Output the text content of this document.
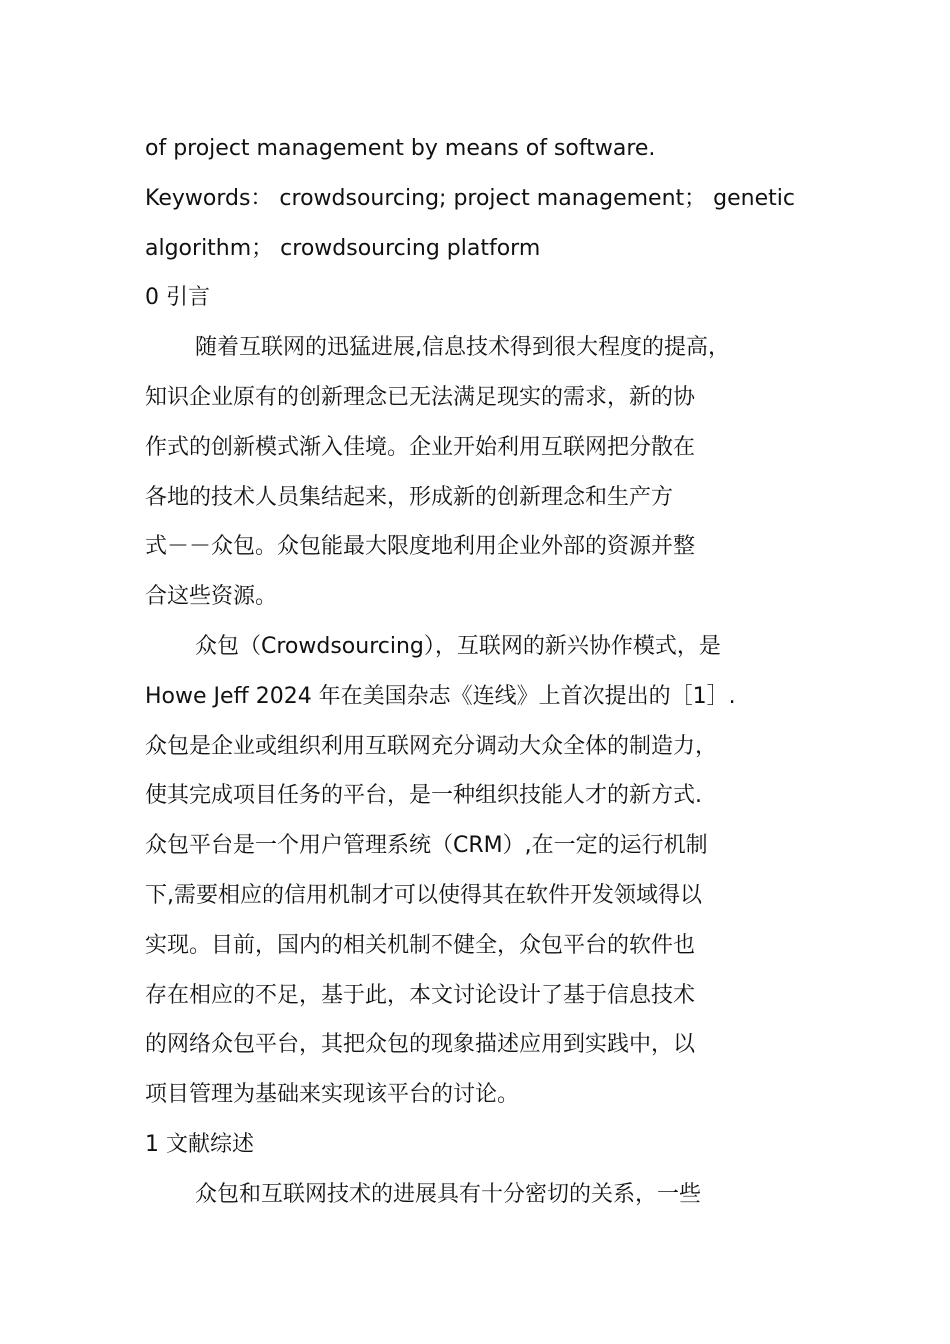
of project management by means of software.
Keywords： crowdsourcing; project management； genetic
algorithm； crowdsourcing platform
0 引言
随着互联网的迅猛进展,信息技术得到很大程度的提高，
知识企业原有的创新理念已无法满足现实的需求，新的协
作式的创新模式渐入佳境。企业开始利用互联网把分散在
各地的技术人员集结起来，形成新的创新理念和生产方
式－－众包。众包能最大限度地利用企业外部的资源并整
合这些资源。
众包（Crowdsourcing），互联网的新兴协作模式，是
Howe Jeff 2024 年在美国杂志《连线》上首次提出的［1］.
众包是企业或组织利用互联网充分调动大众全体的制造力，
使其完成项目任务的平台，是一种组织技能人才的新方式.
众包平台是一个用户管理系统（CRM）,在一定的运行机制
下,需要相应的信用机制才可以使得其在软件开发领域得以
实现。目前，国内的相关机制不健全，众包平台的软件也
存在相应的不足，基于此，本文讨论设计了基于信息技术
的网络众包平台，其把众包的现象描述应用到实践中，以
项目管理为基础来实现该平台的讨论。
1 文献综述
众包和互联网技术的进展具有十分密切的关系，一些
